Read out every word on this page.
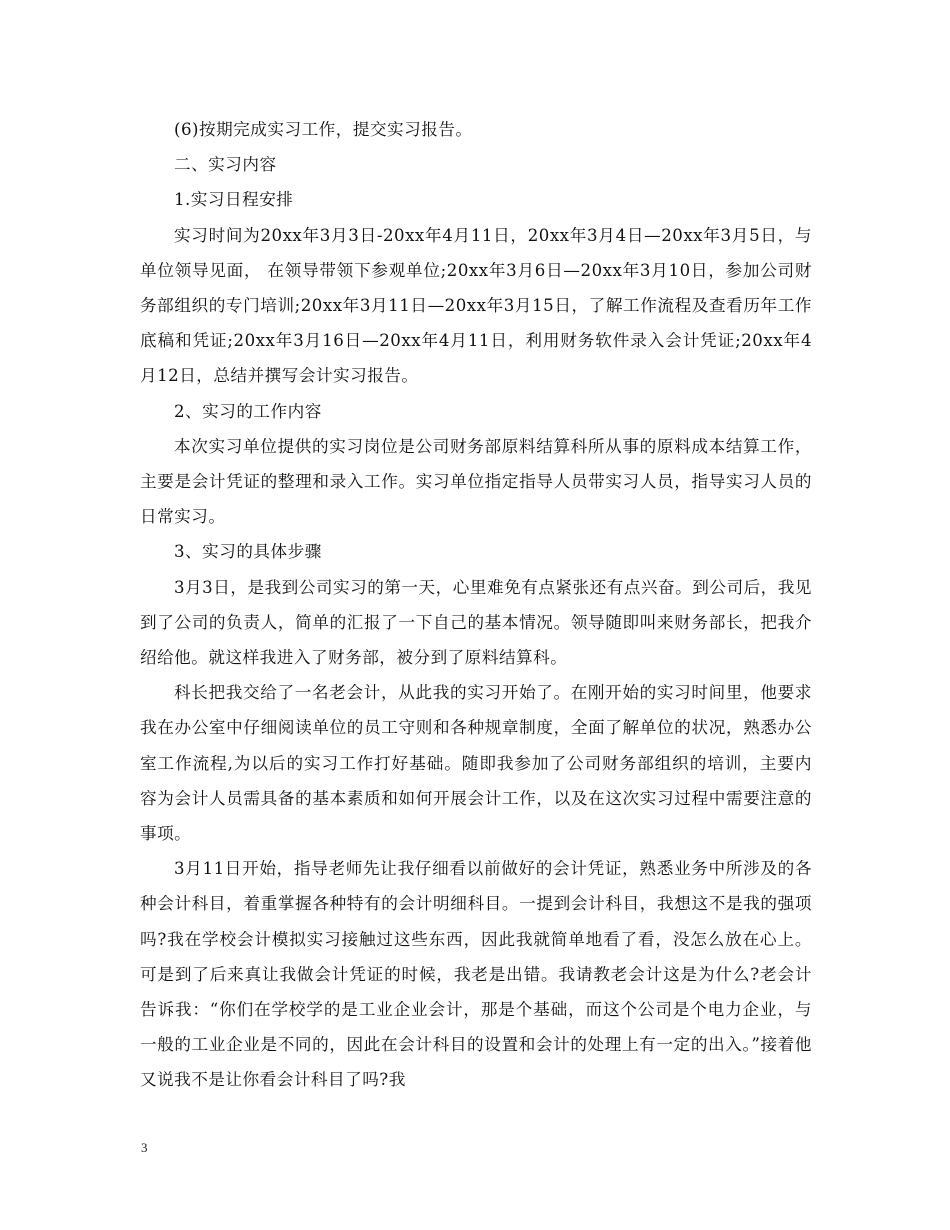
(6)按期完成实习工作，提交实习报告。

二、实习内容

1.实习日程安排

实习时间为20xx年3月3日-20xx年4月11日，20xx年3月4日—20xx年3月5日，与单位领导见面， 在领导带领下参观单位;20xx年3月6日—20xx年3月10日，参加公司财务部组织的专门培训;20xx年3月11日—20xx年3月15日，了解工作流程及查看历年工作底稿和凭证;20xx年3月16日—20xx年4月11日，利用财务软件录入会计凭证;20xx年4月12日，总结并撰写会计实习报告。

2、实习的工作内容

本次实习单位提供的实习岗位是公司财务部原料结算科所从事的原料成本结算工作，主要是会计凭证的整理和录入工作。实习单位指定指导人员带实习人员，指导实习人员的日常实习。

3、实习的具体步骤

3月3日，是我到公司实习的第一天，心里难免有点紧张还有点兴奋。到公司后，我见到了公司的负责人，简单的汇报了一下自己的基本情况。领导随即叫来财务部长，把我介绍给他。就这样我进入了财务部，被分到了原料结算科。

科长把我交给了一名老会计，从此我的实习开始了。在刚开始的实习时间里，他要求我在办公室中仔细阅读单位的员工守则和各种规章制度，全面了解单位的状况，熟悉办公室工作流程,为以后的实习工作打好基础。随即我参加了公司财务部组织的培训，主要内容为会计人员需具备的基本素质和如何开展会计工作，以及在这次实习过程中需要注意的事项。

3月11日开始，指导老师先让我仔细看以前做好的会计凭证，熟悉业务中所涉及的各种会计科目，着重掌握各种特有的会计明细科目。一提到会计科目，我想这不是我的强项吗?我在学校会计模拟实习接触过这些东西，因此我就简单地看了看，没怎么放在心上。可是到了后来真让我做会计凭证的时候，我老是出错。我请教老会计这是为什么?老会计告诉我：“你们在学校学的是工业企业会计，那是个基础，而这个公司是个电力企业，与一般的工业企业是不同的，因此在会计科目的设置和会计的处理上有一定的出入。”接着他又说我不是让你看会计科目了吗?我

3
